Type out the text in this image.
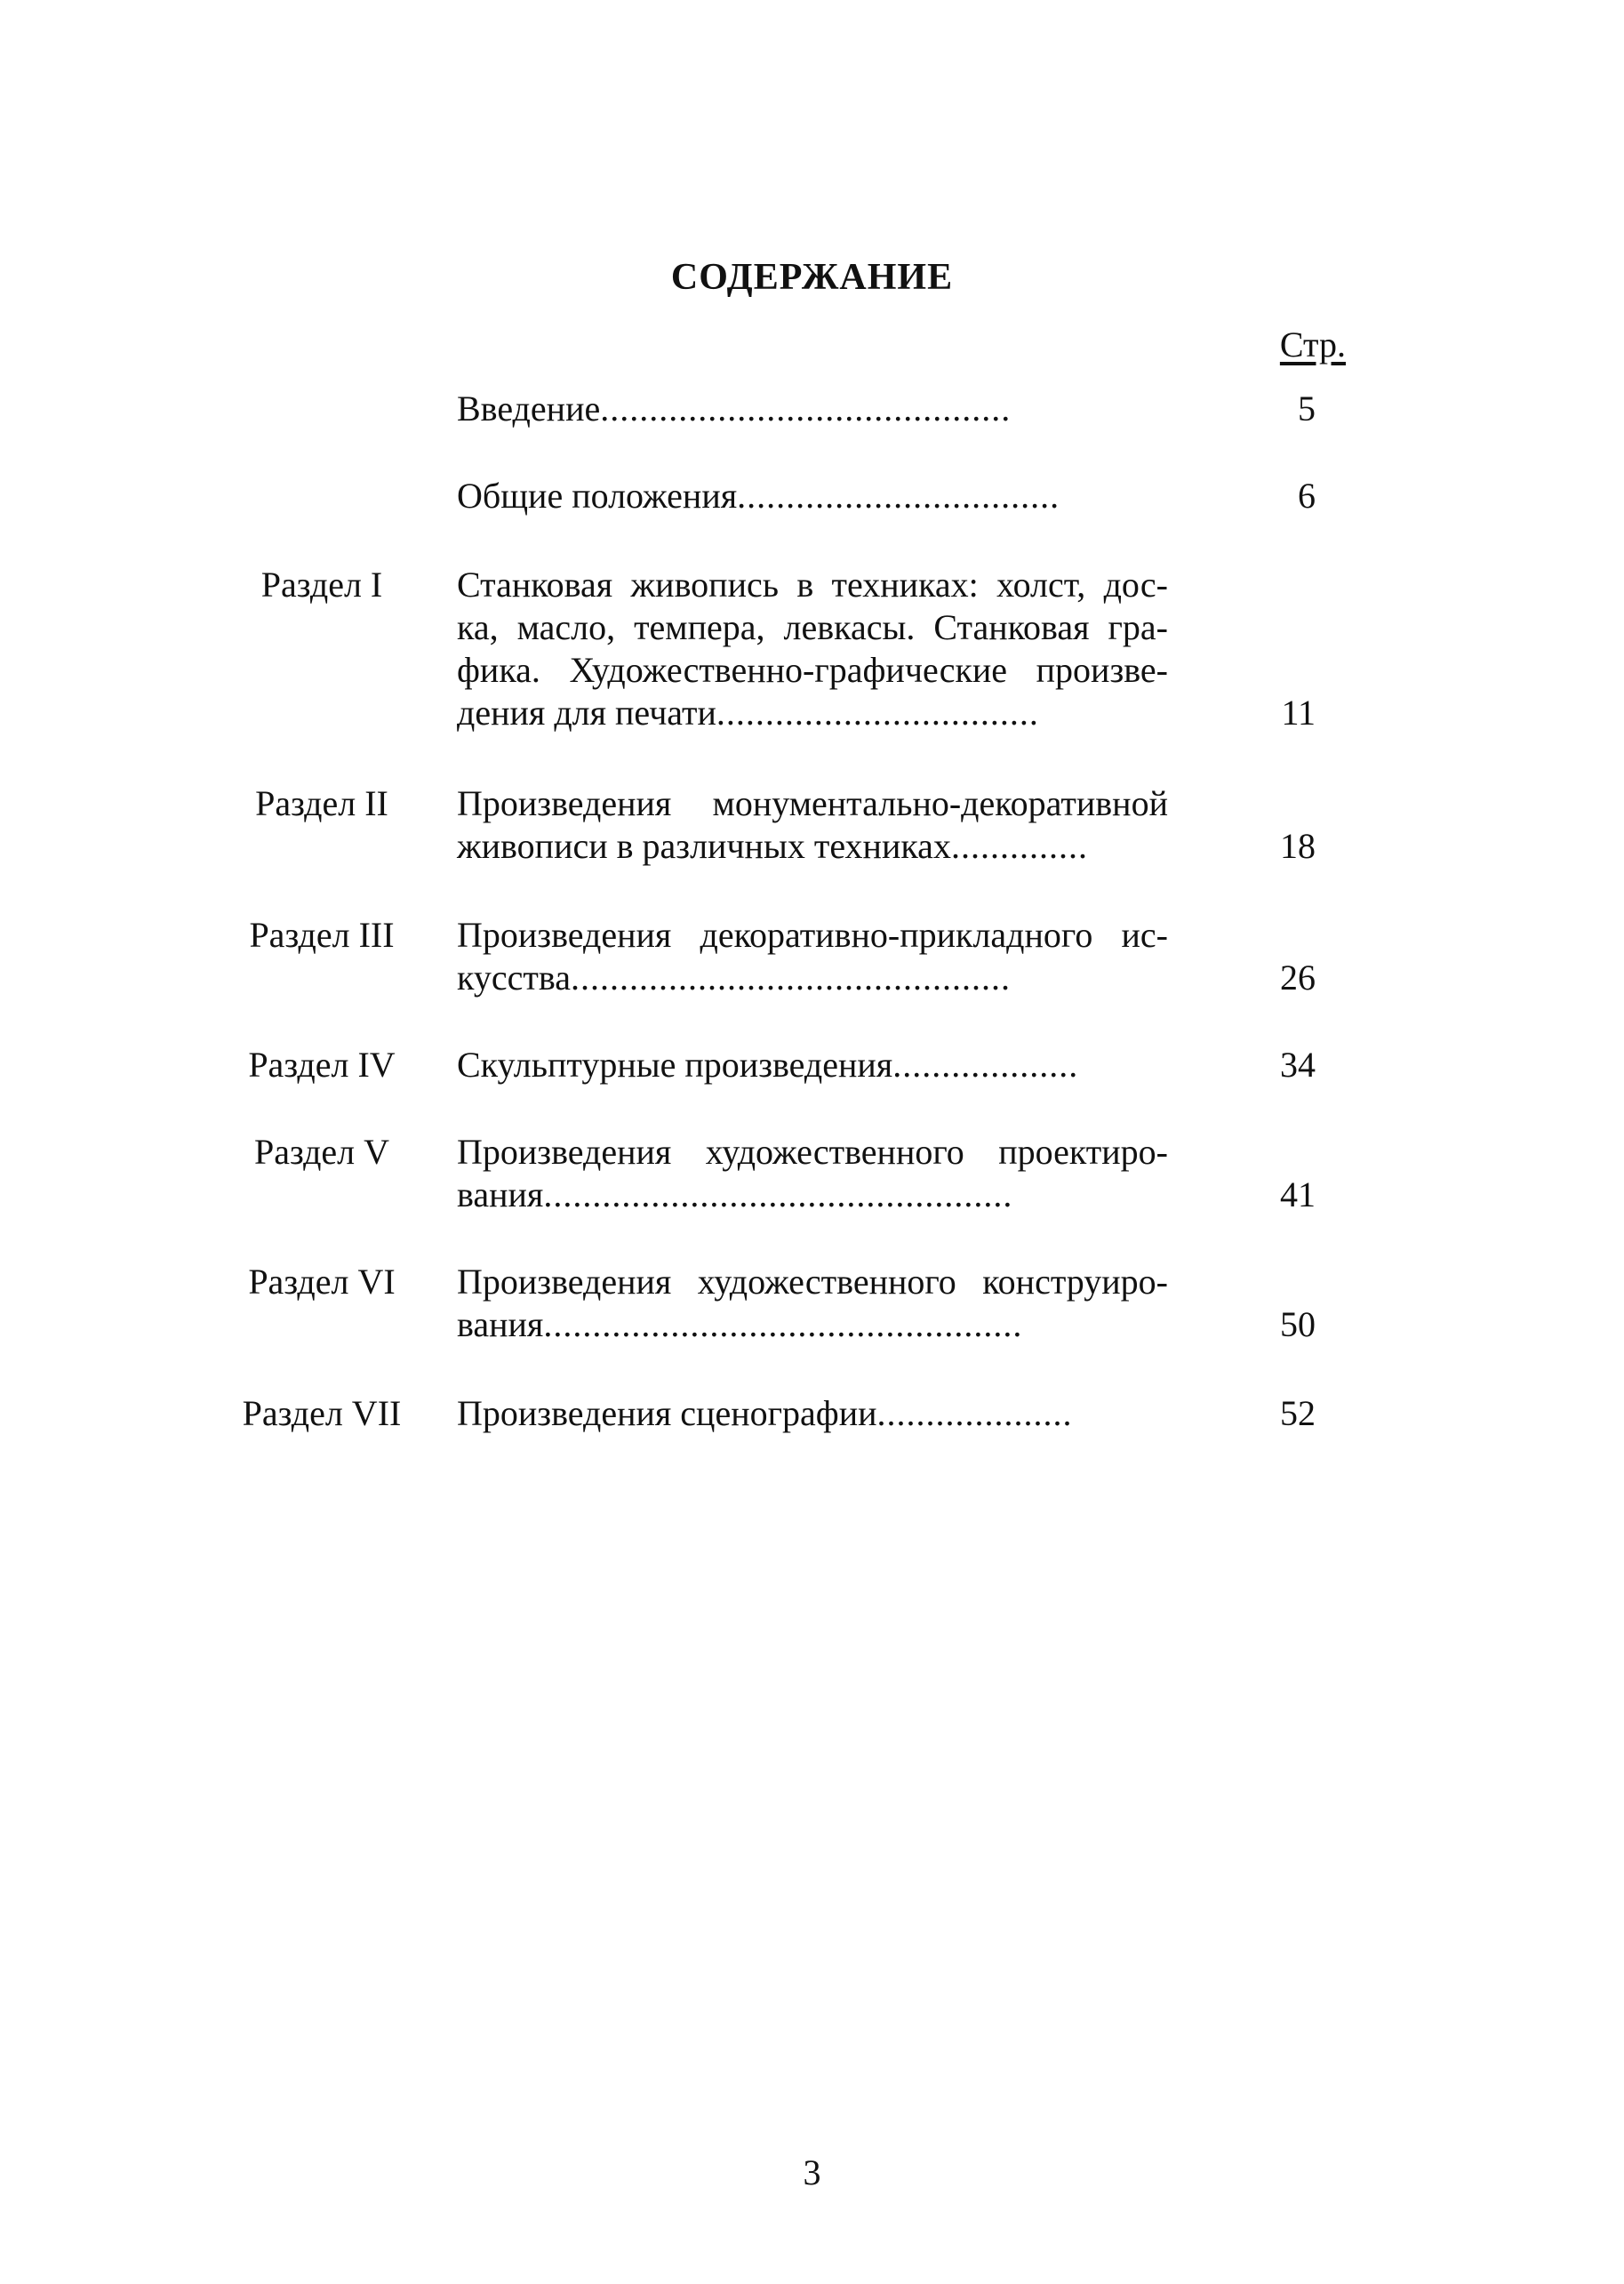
СОДЕРЖАНИЕ
Стр.
Введение..........................................	5
Общие положения.................................	6
Раздел I	Станковая живопись в техниках: холст, дос-
ка, масло, темпера, левкасы. Станковая гра-
фика. Художественно-графические произве-
дения для печати.................................	11
Раздел II	Произведения монументально-декоративной
живописи в различных техниках..............	18
Раздел III	Произведения декоративно-прикладного ис-
кусства.............................................	26
Раздел IV	Скульптурные произведения...................	34
Раздел V	Произведения художественного проектиро-
вания................................................	41
Раздел VI	Произведения художественного конструиро-
вания.................................................	50
Раздел VII	Произведения сценографии....................	52
3
